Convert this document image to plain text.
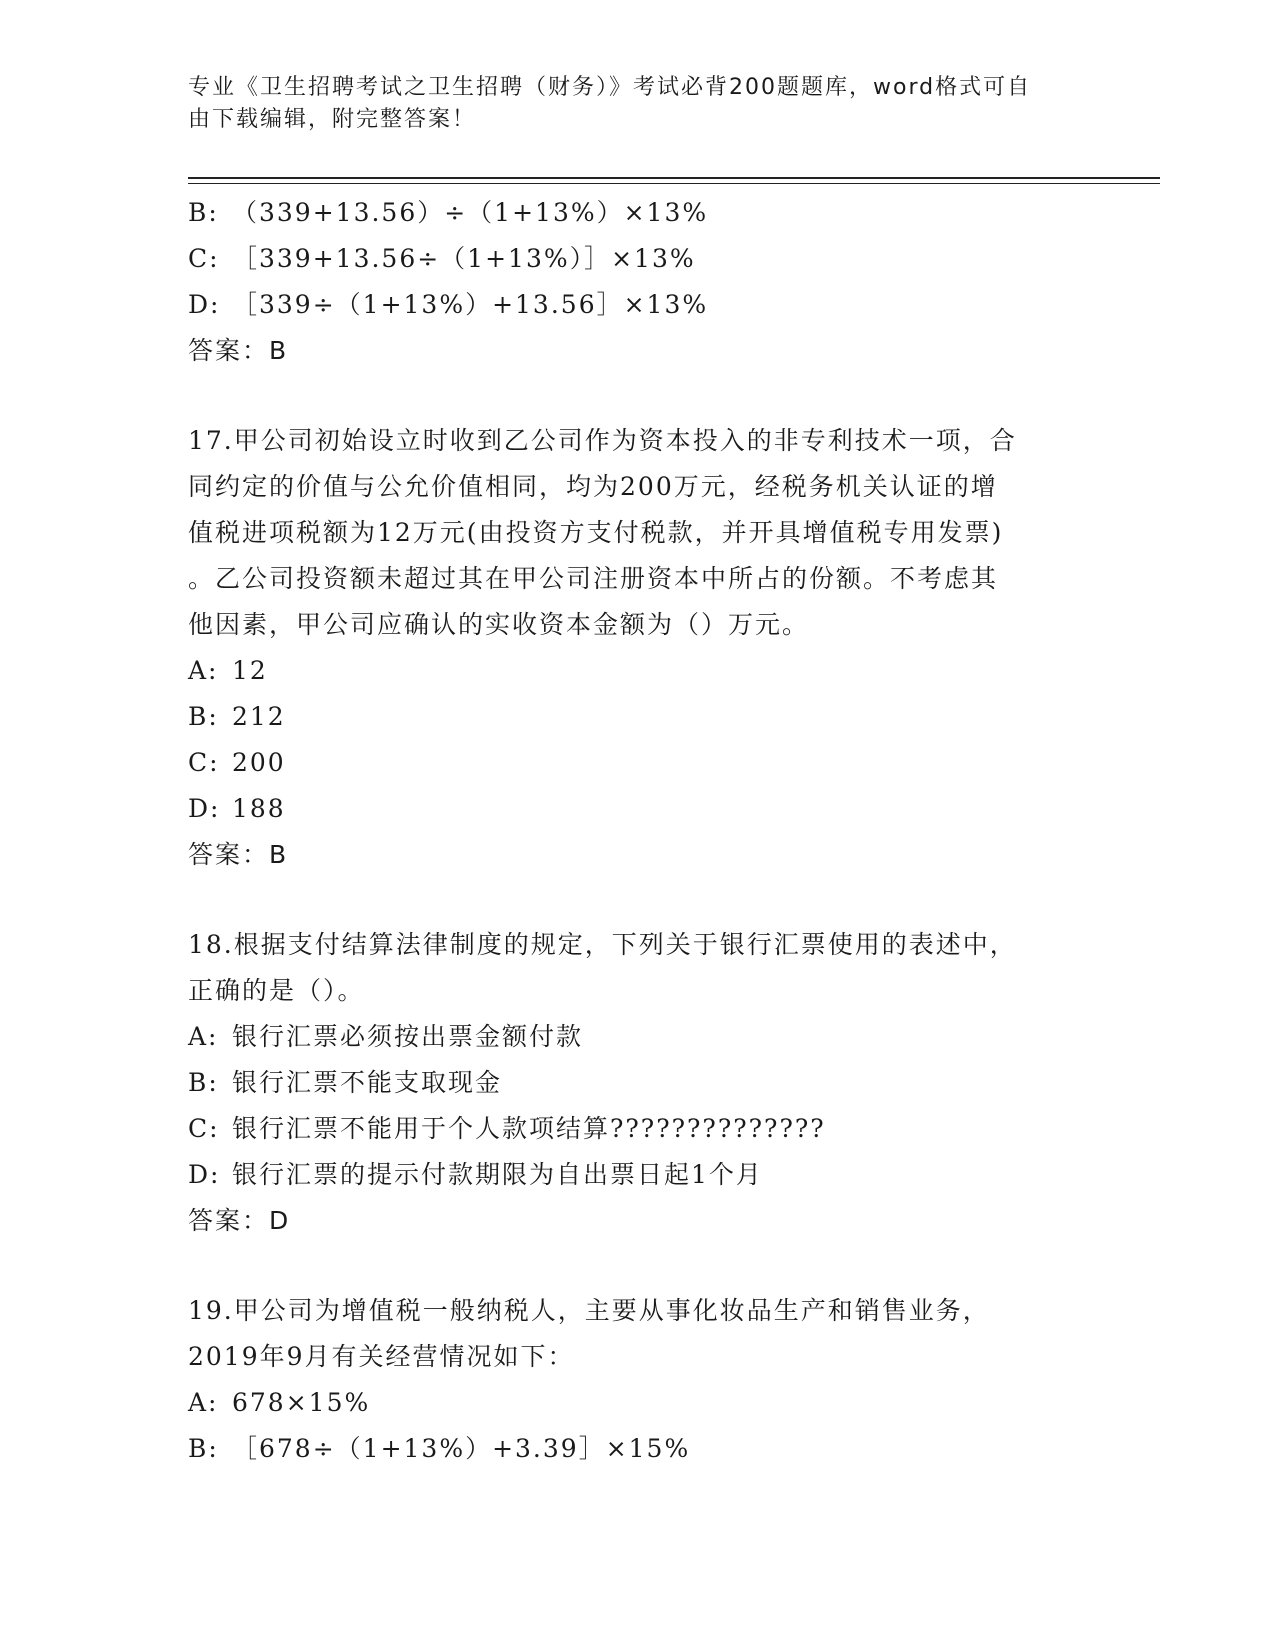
专业《卫生招聘考试之卫生招聘（财务）》考试必背200题题库，word格式可自
由下载编辑，附完整答案！
B: （339+13.56）÷（1+13%）×13%
C: ［339+13.56÷（1+13%）］×13%
D: ［339÷（1+13%）+13.56］×13%
答案：B
17.甲公司初始设立时收到乙公司作为资本投入的非专利技术一项，合
同约定的价值与公允价值相同，均为200万元，经税务机关认证的增
值税进项税额为12万元(由投资方支付税款，并开具增值税专用发票)
。乙公司投资额未超过其在甲公司注册资本中所占的份额。不考虑其
他因素，甲公司应确认的实收资本金额为（）万元。
A: 12
B: 212
C: 200
D: 188
答案：B
18.根据支付结算法律制度的规定，下列关于银行汇票使用的表述中，
正确的是（）。
A: 银行汇票必须按出票金额付款
B: 银行汇票不能支取现金
C: 银行汇票不能用于个人款项结算??????????????
D: 银行汇票的提示付款期限为自出票日起1个月
答案：D
19.甲公司为增值税一般纳税人，主要从事化妆品生产和销售业务，
2019年9月有关经营情况如下：
A: 678×15%
B: ［678÷（1+13%）+3.39］×15%
